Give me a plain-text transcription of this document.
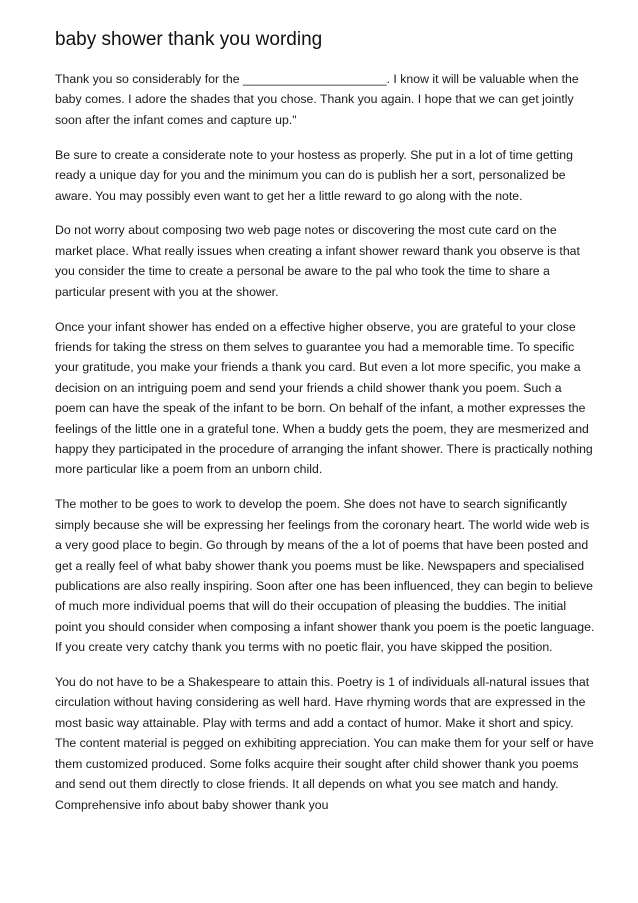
baby shower thank you wording

Thank you so considerably for the _____________________. I know it will be valuable when the baby comes. I adore the shades that you chose. Thank you again. I hope that we can get jointly soon after the infant comes and capture up."

Be sure to create a considerate note to your hostess as properly. She put in a lot of time getting ready a unique day for you and the minimum you can do is publish her a sort, personalized be aware. You may possibly even want to get her a little reward to go along with the note.

Do not worry about composing two web page notes or discovering the most cute card on the market place. What really issues when creating a infant shower reward thank you observe is that you consider the time to create a personal be aware to the pal who took the time to share a particular present with you at the shower.

Once your infant shower has ended on a effective higher observe, you are grateful to your close friends for taking the stress on them selves to guarantee you had a memorable time. To specific your gratitude, you make your friends a thank you card. But even a lot more specific, you make a decision on an intriguing poem and send your friends a child shower thank you poem. Such a poem can have the speak of the infant to be born. On behalf of the infant, a mother expresses the feelings of the little one in a grateful tone. When a buddy gets the poem, they are mesmerized and happy they participated in the procedure of arranging the infant shower. There is practically nothing more particular like a poem from an unborn child.

The mother to be goes to work to develop the poem. She does not have to search significantly simply because she will be expressing her feelings from the coronary heart. The world wide web is a very good place to begin. Go through by means of the a lot of poems that have been posted and get a really feel of what baby shower thank you poems must be like. Newspapers and specialised publications are also really inspiring. Soon after one has been influenced, they can begin to believe of much more individual poems that will do their occupation of pleasing the buddies. The initial point you should consider when composing a infant shower thank you poem is the poetic language. If you create very catchy thank you terms with no poetic flair, you have skipped the position.

You do not have to be a Shakespeare to attain this. Poetry is 1 of individuals all-natural issues that circulation without having considering as well hard. Have rhyming words that are expressed in the most basic way attainable. Play with terms and add a contact of humor. Make it short and spicy. The content material is pegged on exhibiting appreciation. You can make them for your self or have them customized produced. Some folks acquire their sought after child shower thank you poems and send out them directly to close friends. It all depends on what you see match and handy. Comprehensive info about baby shower thank you
